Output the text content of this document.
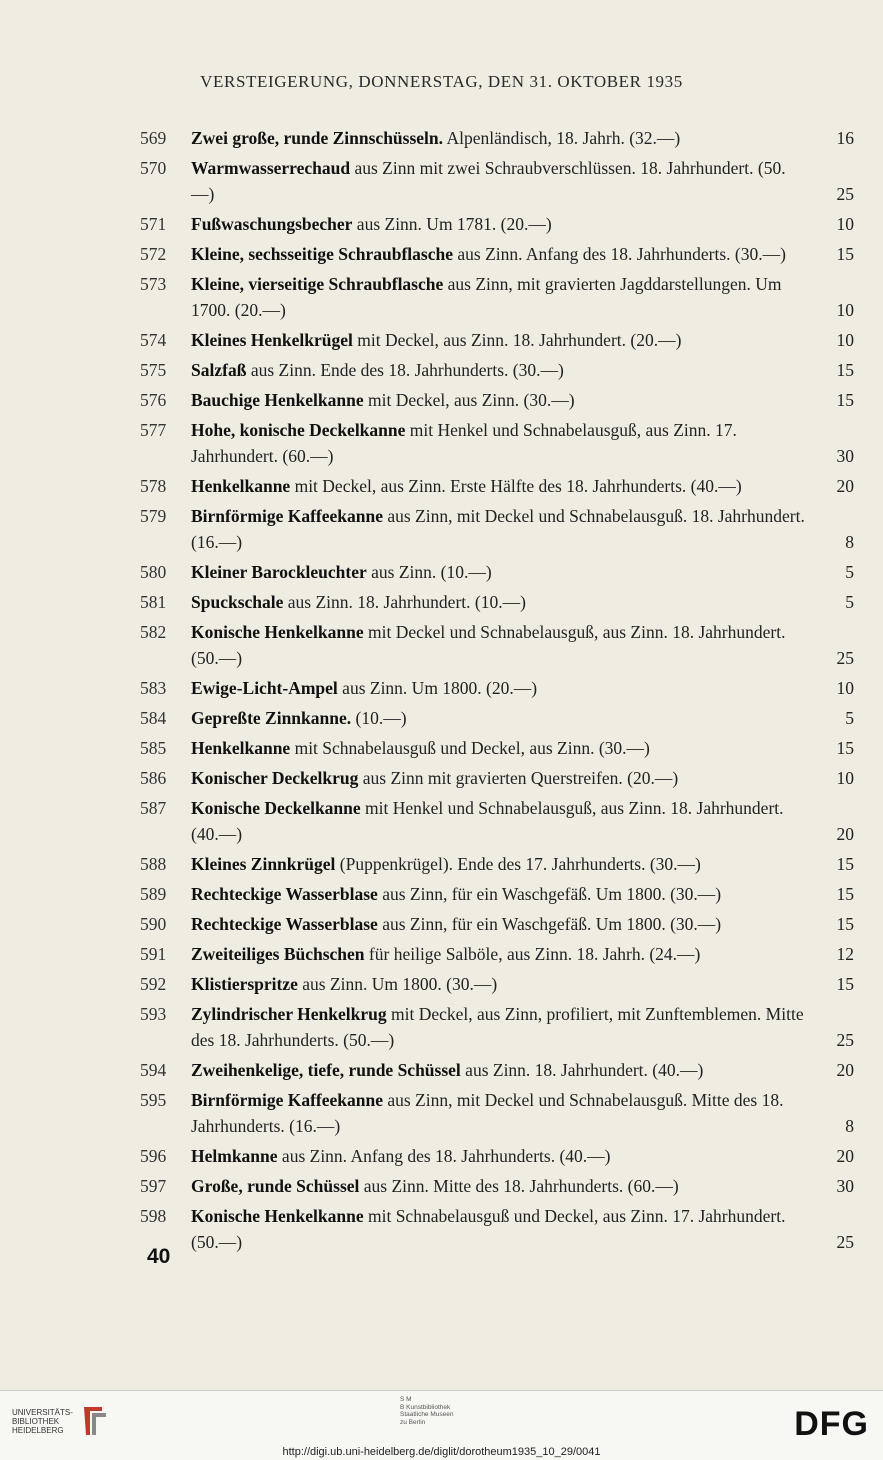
VERSTEIGERUNG, DONNERSTAG, DEN 31. OKTOBER 1935
569	Zwei große, runde Zinnschüsseln. Alpenländisch, 18. Jahrh. (32.—)	16
570	Warmwasserrechaud aus Zinn mit zwei Schraubverschlüssen. 18. Jahrhundert. (50.—)	25
571	Fußwaschungsbecher aus Zinn. Um 1781. (20.—)	10
572	Kleine, sechsseitige Schraubflasche aus Zinn. Anfang des 18. Jahrhunderts. (30.—)	15
573	Kleine, vierseitige Schraubflasche aus Zinn, mit gravierten Jagddarstellungen. Um 1700. (20.—)	10
574	Kleines Henkelkrügel mit Deckel, aus Zinn. 18. Jahrhundert. (20.—)	10
575	Salzfaß aus Zinn. Ende des 18. Jahrhunderts. (30.—)	15
576	Bauchige Henkelkanne mit Deckel, aus Zinn. (30.—)	15
577	Hohe, konische Deckelkanne mit Henkel und Schnabelausguß, aus Zinn. 17. Jahrhundert. (60.—)	30
578	Henkelkanne mit Deckel, aus Zinn. Erste Hälfte des 18. Jahrhunderts. (40.—)	20
579	Birnförmige Kaffeekanne aus Zinn, mit Deckel und Schnabelausguß. 18. Jahrhundert. (16.—)	8
580	Kleiner Barockleuchter aus Zinn. (10.—)	5
581	Spuckschale aus Zinn. 18. Jahrhundert. (10.—)	5
582	Konische Henkelkanne mit Deckel und Schnabelausguß, aus Zinn. 18. Jahrhundert. (50.—)	25
583	Ewige-Licht-Ampel aus Zinn. Um 1800. (20.—)	10
584	Gepreßte Zinnkanne. (10.—)	5
585	Henkelkanne mit Schnabelausguß und Deckel, aus Zinn. (30.—)	15
586	Konischer Deckelkrug aus Zinn mit gravierten Querstreifen. (20.—)	10
587	Konische Deckelkanne mit Henkel und Schnabelausguß, aus Zinn. 18. Jahrhundert. (40.—)	20
588	Kleines Zinnkrügel (Puppenkrügel). Ende des 17. Jahrhunderts. (30.—)	15
589	Rechteckige Wasserblase aus Zinn, für ein Waschgefäß. Um 1800. (30.—)	15
590	Rechteckige Wasserblase aus Zinn, für ein Waschgefäß. Um 1800. (30.—)	15
591	Zweiteiliges Büchschen für heilige Salböle, aus Zinn. 18. Jahrh. (24.—)	12
592	Klistierspritze aus Zinn. Um 1800. (30.—)	15
593	Zylindrischer Henkelkrug mit Deckel, aus Zinn, profiliert, mit Zunftemblemen. Mitte des 18. Jahrhunderts. (50.—)	25
594	Zweihenkelige, tiefe, runde Schüssel aus Zinn. 18. Jahrhundert. (40.—)	20
595	Birnförmige Kaffeekanne aus Zinn, mit Deckel und Schnabelausguß. Mitte des 18. Jahrhunderts. (16.—)	8
596	Helmkanne aus Zinn. Anfang des 18. Jahrhunderts. (40.—)	20
597	Große, runde Schüssel aus Zinn. Mitte des 18. Jahrhunderts. (60.—)	30
598	Konische Henkelkanne mit Schnabelausguß und Deckel, aus Zinn. 17. Jahrhundert. (50.—)	25
40
UNIVERSITÄTS-
BIBLIOTHEK
HEIDELBERG
S M
B Kunstbibliothek
Staatliche Museen
zu Berlin	DFG
http://digi.ub.uni-heidelberg.de/diglit/dorotheum1935_10_29/0041
